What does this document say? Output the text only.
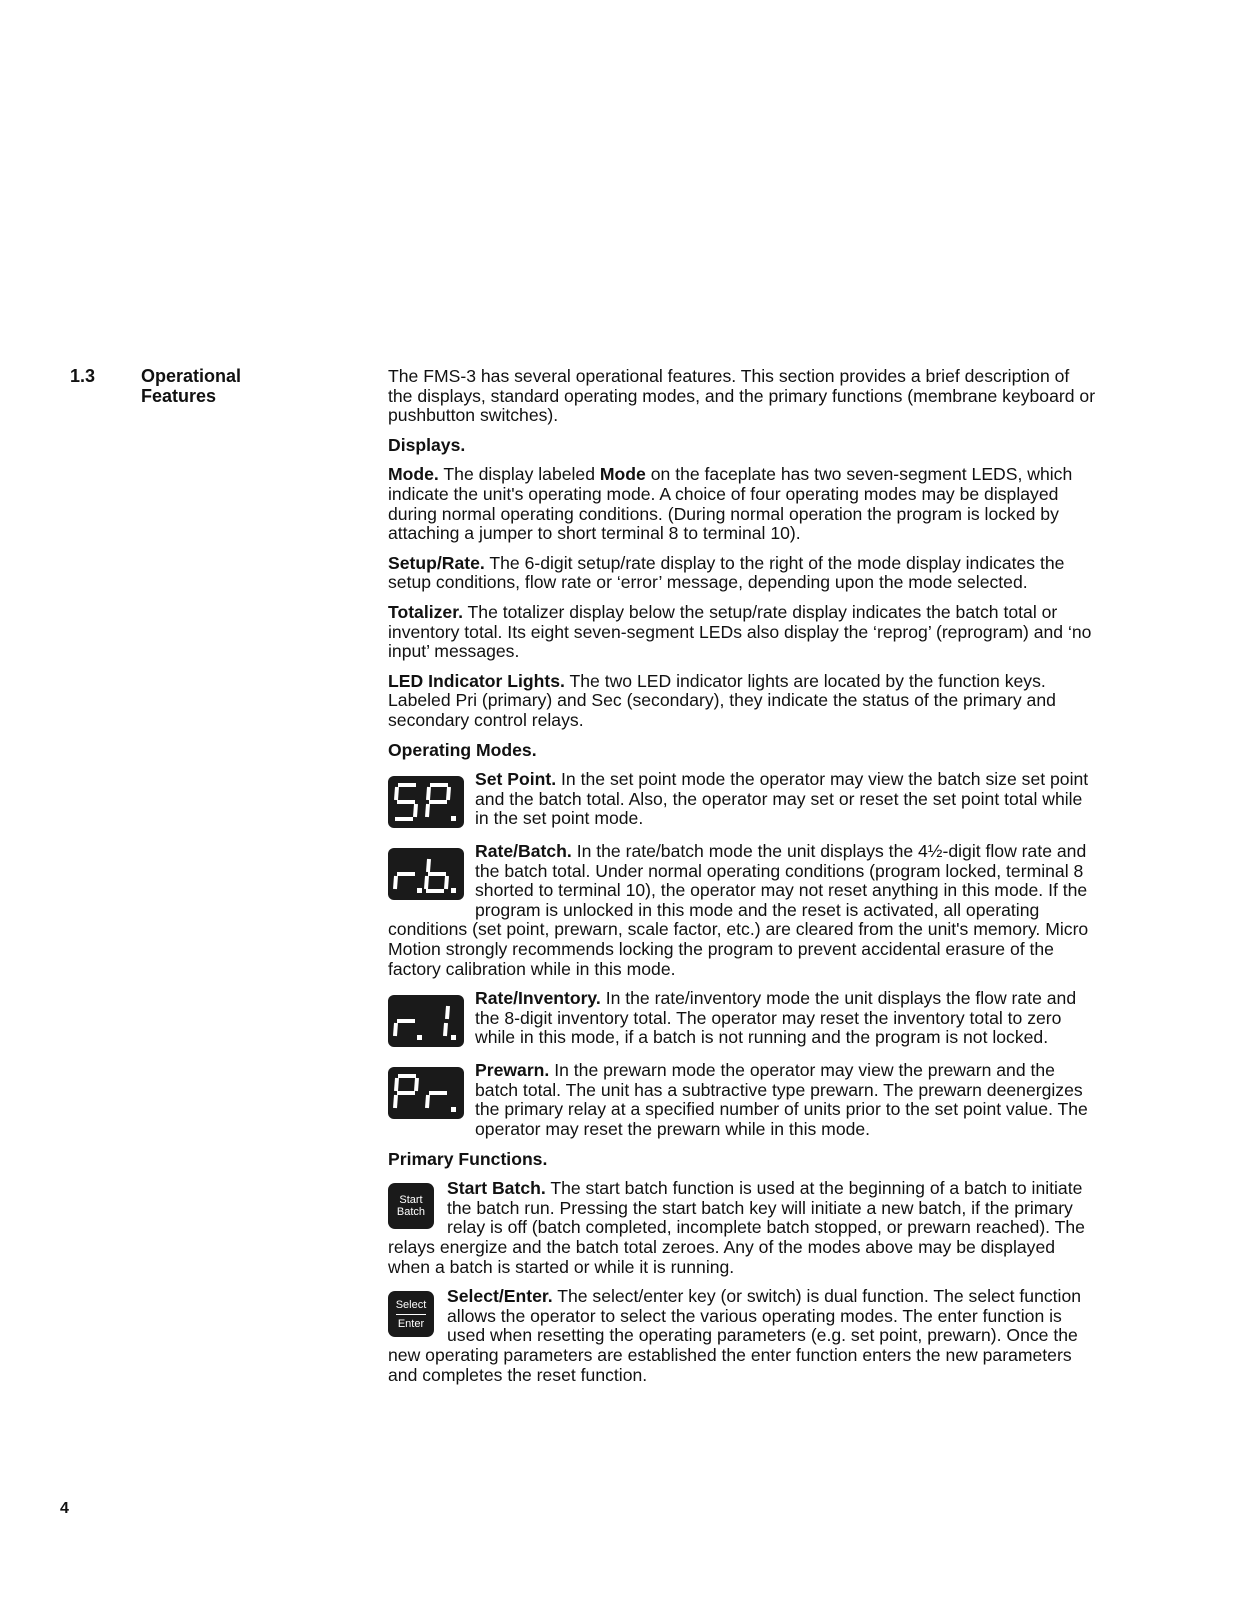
1.3	Operational
Features

The FMS-3 has several operational features. This section provides a brief description of the displays, standard operating modes, and the primary functions (membrane keyboard or pushbutton switches).

Displays.

Mode. The display labeled Mode on the faceplate has two seven-segment LEDS, which indicate the unit's operating mode. A choice of four operating modes may be displayed during normal operating conditions. (During normal operation the program is locked by attaching a jumper to short terminal 8 to terminal 10).

Setup/Rate. The 6-digit setup/rate display to the right of the mode display indicates the setup conditions, flow rate or ‘error’ message, depending upon the mode selected.

Totalizer. The totalizer display below the setup/rate display indicates the batch total or inventory total. Its eight seven-segment LEDs also display the ‘reprog’ (reprogram) and ‘no input’ messages.

LED Indicator Lights. The two LED indicator lights are located by the function keys. Labeled Pri (primary) and Sec (secondary), they indicate the status of the primary and secondary control relays.

Operating Modes.

Set Point. In the set point mode the operator may view the batch size set point and the batch total. Also, the operator may set or reset the set point total while in the set point mode.

Rate/Batch. In the rate/batch mode the unit displays the 4½-digit flow rate and the batch total. Under normal operating conditions (program locked, terminal 8 shorted to terminal 10), the operator may not reset anything in this mode. If the program is unlocked in this mode and the reset is activated, all operating conditions (set point, prewarn, scale factor, etc.) are cleared from the unit's memory. Micro Motion strongly recommends locking the program to prevent accidental erasure of the factory calibration while in this mode.

Rate/Inventory. In the rate/inventory mode the unit displays the flow rate and the 8-digit inventory total. The operator may reset the inventory total to zero while in this mode, if a batch is not running and the program is not locked.

Prewarn. In the prewarn mode the operator may view the prewarn and the batch total. The unit has a subtractive type prewarn. The prewarn deenergizes the primary relay at a specified number of units prior to the set point value. The operator may reset the prewarn while in this mode.

Primary Functions.

Start
Batch

Start Batch. The start batch function is used at the beginning of a batch to initiate the batch run. Pressing the start batch key will initiate a new batch, if the primary relay is off (batch completed, incomplete batch stopped, or prewarn reached). The relays energize and the batch total zeroes. Any of the modes above may be displayed when a batch is started or while it is running.

Select
Enter

Select/Enter. The select/enter key (or switch) is dual function. The select function allows the operator to select the various operating modes. The enter function is used when resetting the operating parameters (e.g. set point, prewarn). Once the new operating parameters are established the enter function enters the new parameters and completes the reset function.

4
